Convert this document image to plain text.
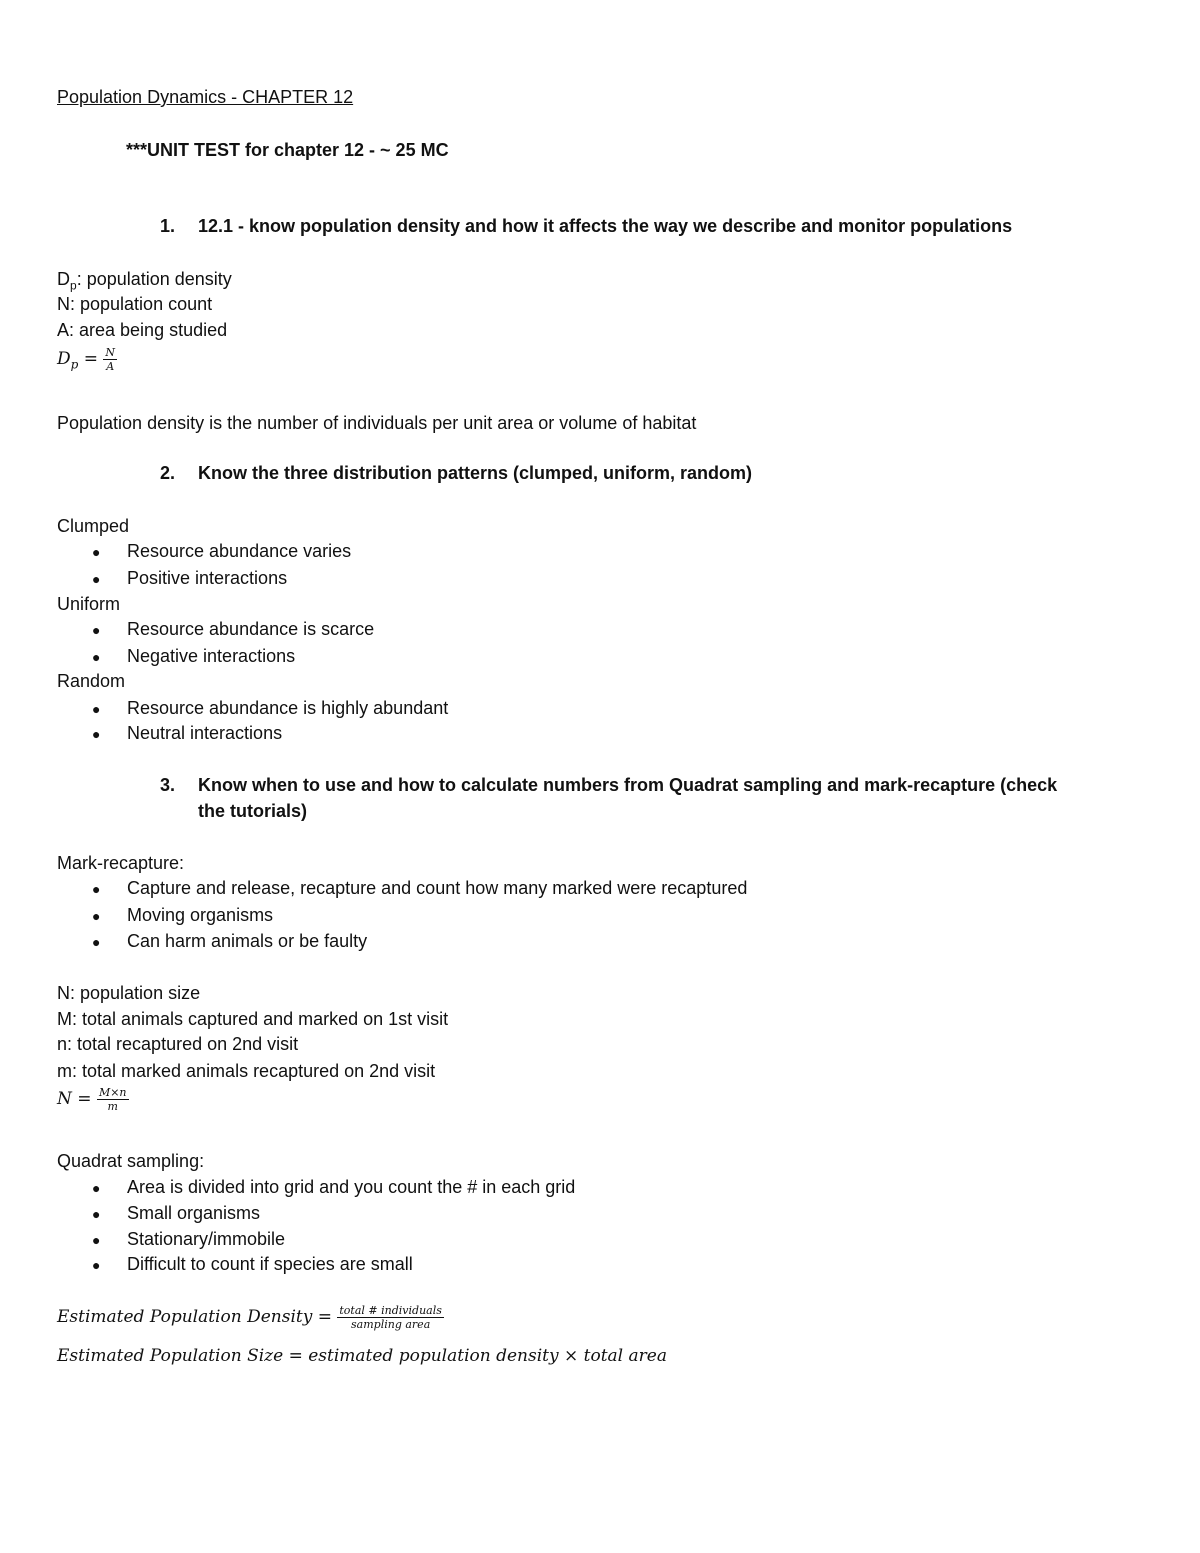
Population Dynamics - CHAPTER 12
***UNIT TEST for chapter 12 - ~ 25 MC
1. 12.1 - know population density and how it affects the way we describe and monitor populations
$D_p$: population density
N: population count
A: area being studied
$D_p = \frac{N}{A}$
Population density is the number of individuals per unit area or volume of habitat
2. Know the three distribution patterns (clumped, uniform, random)
Clumped
● Resource abundance varies
● Positive interactions
Uniform
● Resource abundance is scarce
● Negative interactions
Random
● Resource abundance is highly abundant
● Neutral interactions
3. Know when to use and how to calculate numbers from Quadrat sampling and mark-recapture (check
the tutorials)
Mark-recapture:
● Capture and release, recapture and count how many marked were recaptured
● Moving organisms
● Can harm animals or be faulty
N: population size
M: total animals captured and marked on 1st visit
n: total recaptured on 2nd visit
m: total marked animals recaptured on 2nd visit
$N = \frac{M\times n}{m}$
Quadrat sampling:
● Area is divided into grid and you count the # in each grid
● Small organisms
● Stationary/immobile
● Difficult to count if species are small
Estimated Population Density = $\frac{\text{total \# individuals}}{\text{sampling area}}$
Estimated Population Size = estimated population density × total area
